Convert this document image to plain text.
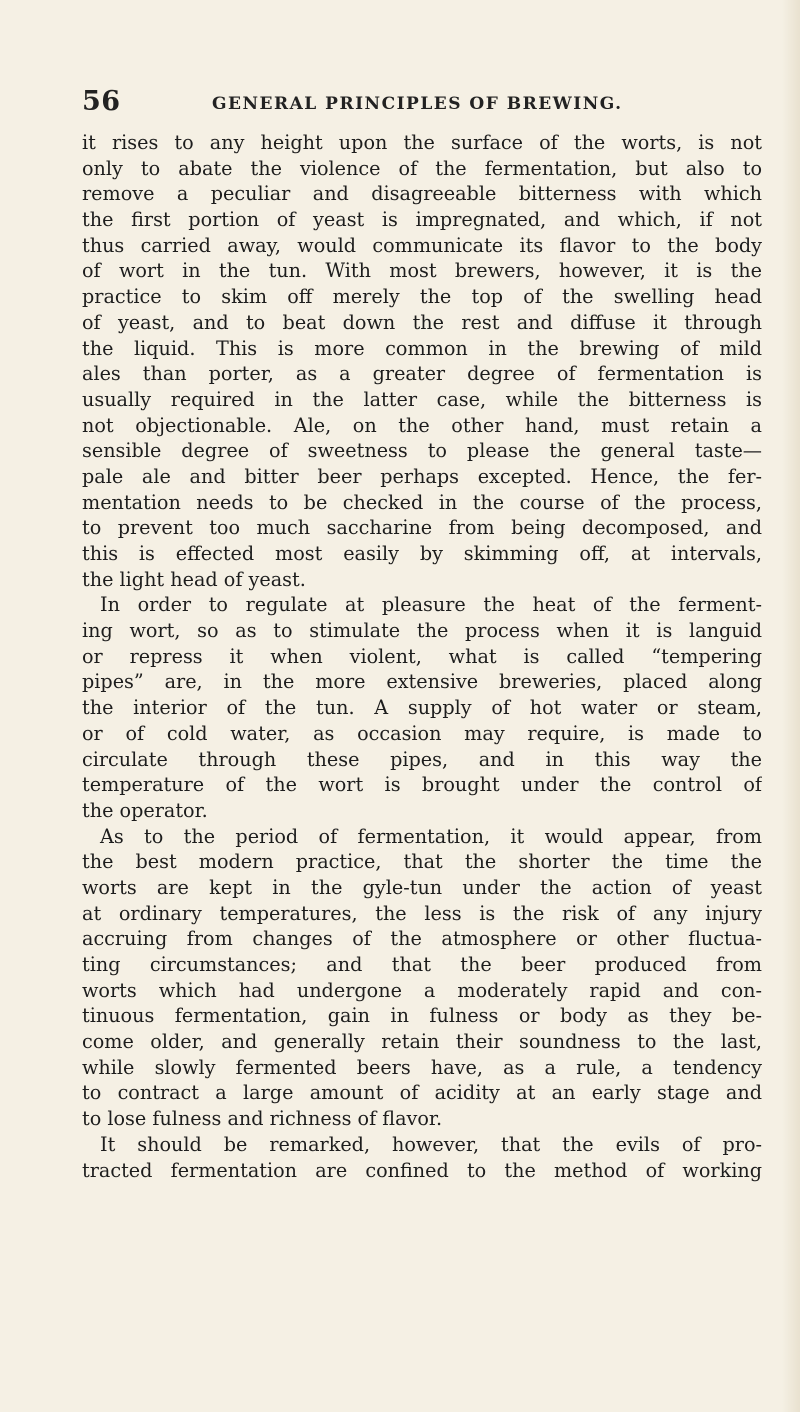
56	GENERAL PRINCIPLES OF BREWING.
it rises to any height upon the surface of the worts, is not
only to abate the violence of the fermentation, but also to
remove a peculiar and disagreeable bitterness with which
the first portion of yeast is impregnated, and which, if not
thus carried away, would communicate its flavor to the body
of wort in the tun. With most brewers, however, it is the
practice to skim off merely the top of the swelling head
of yeast, and to beat down the rest and diffuse it through
the liquid. This is more common in the brewing of mild
ales than porter, as a greater degree of fermentation is
usually required in the latter case, while the bitterness is
not objectionable. Ale, on the other hand, must retain a
sensible degree of sweetness to please the general taste—
pale ale and bitter beer perhaps excepted. Hence, the fer-
mentation needs to be checked in the course of the process,
to prevent too much saccharine from being decomposed, and
this is effected most easily by skimming off, at intervals,
the light head of yeast.
In order to regulate at pleasure the heat of the ferment-
ing wort, so as to stimulate the process when it is languid
or repress it when violent, what is called “tempering
pipes” are, in the more extensive breweries, placed along
the interior of the tun. A supply of hot water or steam,
or of cold water, as occasion may require, is made to
circulate through these pipes, and in this way the
temperature of the wort is brought under the control of
the operator.
As to the period of fermentation, it would appear, from
the best modern practice, that the shorter the time the
worts are kept in the gyle-tun under the action of yeast
at ordinary temperatures, the less is the risk of any injury
accruing from changes of the atmosphere or other fluctua-
ting circumstances; and that the beer produced from
worts which had undergone a moderately rapid and con-
tinuous fermentation, gain in fulness or body as they be-
come older, and generally retain their soundness to the last,
while slowly fermented beers have, as a rule, a tendency
to contract a large amount of acidity at an early stage and
to lose fulness and richness of flavor.
It should be remarked, however, that the evils of pro-
tracted fermentation are confined to the method of working
